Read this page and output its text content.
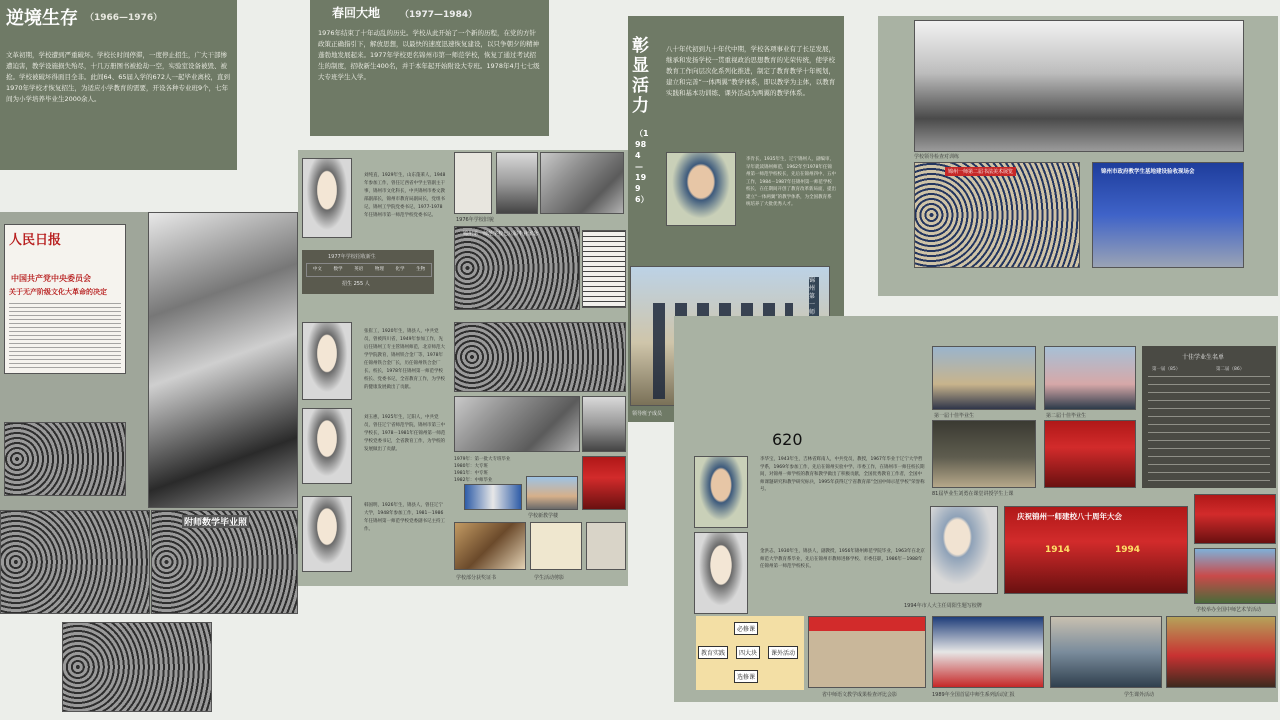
逆境生存 （1966—1976）
文革初期，学校遭到严重破坏。学校长时间停滞，一度停止招生，广大干部惨遭迫害，教学设施损失殆尽，十几万册图书被抢劫一空，实验室设备被毁、被抢。学校被破坏得面目全非。此间64、65届入学的672人一起毕业离校，直到1970年学校才恢复招生，为适应小学教育的需要，开设各种专业班9个，七年间为小学培养毕业生2000余人。
人民日报
中国共产党中央委员会
关于无产阶级文化大革命的决定
附师数学毕业照
春回大地 （1977—1984）
1976年结束了十年动乱的历史。学校从此开始了一个新的历程，在党的方针政策正确指引下，解放思想，以最快的速度迅速恢复建设，以只争朝夕的精神蓬勃地发展起来。1977年学校更名锦州市第一师范学校，恢复了通过考试招生的制度，招收新生400名，并于本年起开始附设大专班。1978年4月七七级大专班学生入学。
刘纯直，1929年生，山东蓬莱人，1948年参加工作，曾任辽西省中学主管副主干事，锦州市文化科长，中共锦州市委文教部副部长，锦州市教育局副局长，党组书记，锦州工学院党委书记，1977-1978年任锦州市第一师范学校党委书记。
1977年学校招收新生
中文	数学	英语	物理	化学	生物
招生 255 人
张崔工，1920年生，锦县人，中共党员，曾被四川省，1949年参加工作，先后任锦州工专主管锦州师范，北京师范大学学院教育，锦州铁合金厂等，1978年任锦州铁合金厂长，历任锦州铁合金厂长、校长，1978年任锦州第一师范学校校长、党委书记，全省教育工作，为学校的健康发展做出了贡献。
刘玉惠，1925年生，辽阳人，中共党员，曾任辽宁省师范学院，锦州市第三中学校长，1978－1981年任锦州第一师范学校党委书记，全省教育工作，为学校的发展做出了贡献。
韩国明，1926年生，锦县人，曾任辽宁大学，1948年参加工作，1981－1986年任锦州第一师范学校党委副书记主持工作。
1976年学校旧貌
锦州第一师范学校七八届毕业留念
1979年：第一批大专班毕业
1980年：大专班
1981年：中专班
1982年：中师毕业
学校新教学楼
学校部分获奖证书	学生活动剪影
彰显活力
（1984—1996）
八十年代初到九十年代中期，学校各项事业有了长足发展，继承和发扬学校一贯重视政治思想教育的光荣传统，使学校教育工作向层次化系列化推进，制定了教育教学十年规划，建立和完善“一体两翼”教学体系，即以教学为主体，以教育实践和基本功训练、课外活动为两翼的教学体系。
李肯长，1935年生，辽宁锦州人，副编审，早年就读锦州师范，1962年至1978年任锦州第一师范学校校长，先后在锦州四中、五中工作，1984－1987年任锦州第一师范学校校长，在任期间开创了教育改革新局面，提出建立“一体两翼”的教学体系，为全国教育系统培养了大批优秀人才。
锦州第一师
领导班子成员
学校领导检查对训练
锦州一师第二届书法美术展览	锦州市政府教学生基地建设验收现场会
620
李华宝，1943年生，吉林省辉南人，中共党员，教授，1967年毕业于辽宁大学哲学系，1969年参加工作，先后在锦州实验中学、市委工作，在锦州市一师任校长期间，对锦州一师学校的教育和教学做出了积极贡献，全国优秀教育工作者，全国中师课题研究和教学研究标兵，1995年获得辽宁省教育部“全国中师示范学校”荣誉称号。
金洪志，1930年生，锦县人，副教授，1956年锦州师范学院毕业，1963年在北京师范大学教育系毕业，先后在锦州市教师进修学校、市委任职，1986年－1988年任锦州第一师范学校校长。
第一届十佳毕业生	第二届十佳毕业生
十佳学业生名单
第一届（85）	第二届（86）
81届毕业生刘勇在课堂讲授学生上课
1994年市人大主任周阳生题写校牌
庆祝锦州一师建校八十周年大会
1914	1994
学校举办全国中师艺术节活动
必修课
教育实践	四大块	课外活动
选修课
省中师语文教学成果检查评比会影	1989年全国首届中师生系列活动汇报	学生课外活动
